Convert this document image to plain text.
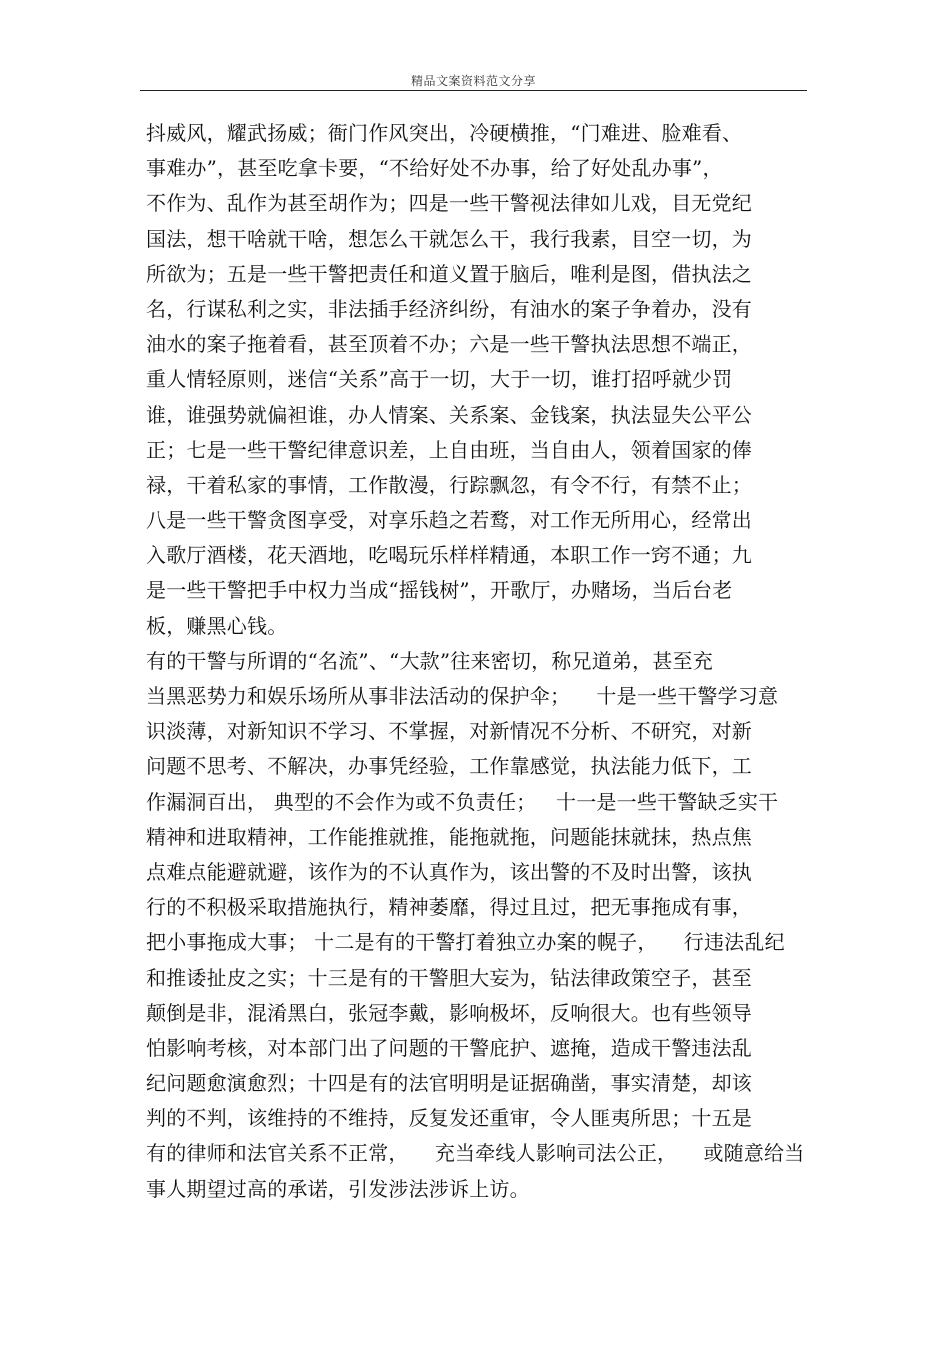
精品文案资料范文分享
抖威风，耀武扬威；衙门作风突出，冷硬横推，“门难进、脸难看、
事难办”，甚至吃拿卡要，“不给好处不办事，给了好处乱办事”，
不作为、乱作为甚至胡作为；四是一些干警视法律如儿戏，目无党纪
国法，想干啥就干啥，想怎么干就怎么干，我行我素，目空一切，为
所欲为；五是一些干警把责任和道义置于脑后，唯利是图，借执法之
名，行谋私利之实，非法插手经济纠纷，有油水的案子争着办，没有
油水的案子拖着看，甚至顶着不办；六是一些干警执法思想不端正，
重人情轻原则，迷信“关系”高于一切，大于一切，谁打招呼就少罚
谁，谁强势就偏袒谁，办人情案、关系案、金钱案，执法显失公平公
正；七是一些干警纪律意识差，上自由班，当自由人，领着国家的俸
禄，干着私家的事情，工作散漫，行踪飘忽，有令不行，有禁不止；
八是一些干警贪图享受，对享乐趋之若鹜，对工作无所用心，经常出
入歌厅酒楼，花天酒地，吃喝玩乐样样精通，本职工作一窍不通；九
是一些干警把手中权力当成“摇钱树”，开歌厅，办赌场，当后台老
板，赚黑心钱。
有的干警与所谓的“名流”、“大款”往来密切，称兄道弟，甚至充
当黑恶势力和娱乐场所从事非法活动的保护伞；    十是一些干警学习意
识淡薄，对新知识不学习、不掌握，对新情况不分析、不研究，对新
问题不思考、不解决，办事凭经验，工作靠感觉，执法能力低下，工
作漏洞百出， 典型的不会作为或不负责任；   十一是一些干警缺乏实干
精神和进取精神，工作能推就推，能拖就拖，问题能抹就抹，热点焦
点难点能避就避，该作为的不认真作为，该出警的不及时出警，该执
行的不积极采取措施执行，精神萎靡，得过且过，把无事拖成有事，
把小事拖成大事； 十二是有的干警打着独立办案的幌子，    行违法乱纪
和推诿扯皮之实；十三是有的干警胆大妄为，钻法律政策空子，甚至
颠倒是非，混淆黑白，张冠李戴，影响极坏，反响很大。也有些领导
怕影响考核，对本部门出了问题的干警庇护、遮掩，造成干警违法乱
纪问题愈演愈烈；十四是有的法官明明是证据确凿，事实清楚，却该
判的不判，该维持的不维持，反复发还重审，令人匪夷所思；十五是
有的律师和法官关系不正常，    充当牵线人影响司法公正，    或随意给当
事人期望过高的承诺，引发涉法涉诉上访。
